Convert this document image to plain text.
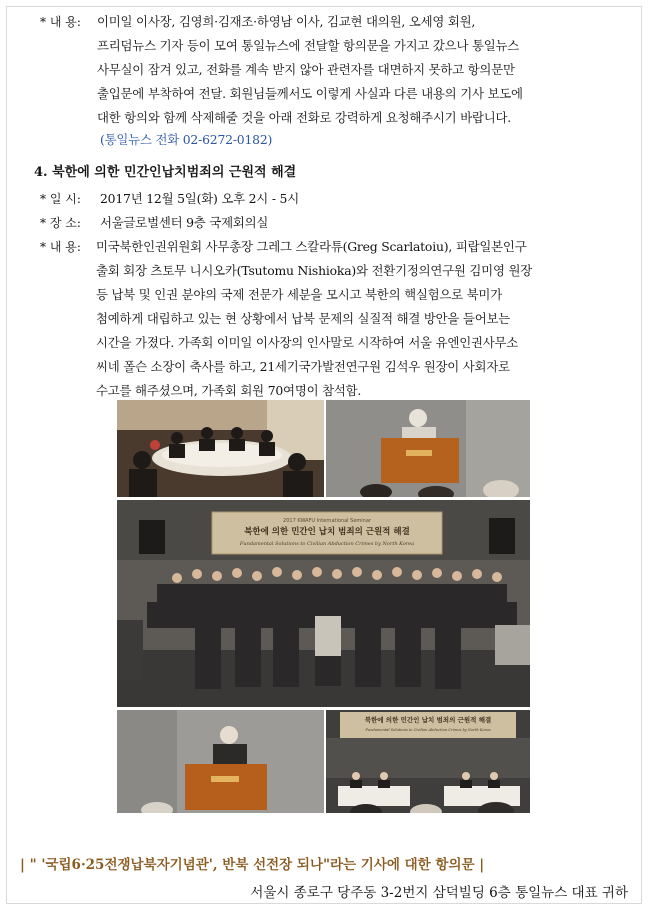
* 내 용: 이미일 이사장, 김영희·김재조·하영남 이사, 김교현 대의원, 오세영 회원,
프리덤뉴스 기자 등이 모여 통일뉴스에 전달할 항의문을 가지고 갔으나 통일뉴스
사무실이 잠겨 있고, 전화를 계속 받지 않아 관련자를 대면하지 못하고 항의문만
출입문에 부착하여 전달. 회원님들께서도 이렇게 사실과 다른 내용의 기사 보도에
대한 항의와 함께 삭제해줄 것을 아래 전화로 강력하게 요청해주시기 바랍니다.
(통일뉴스 전화 02-6272-0182)
4. 북한에 의한 민간인납치범죄의 근원적 해결
* 일 시: 2017년 12월 5일(화) 오후 2시 - 5시
* 장 소: 서울글로벌센터 9층 국제회의실
* 내 용: 미국북한인권위원회 사무총장 그레그 스칼라튜(Greg Scarlatoiu), 피랍일본인구
출회 회장 츠토무 니시오카(Tsutomu Nishioka)와 전환기정의연구원 김미영 원장
등 납북 및 인권 분야의 국제 전문가 세분을 모시고 북한의 핵실험으로 북미가
첨예하게 대립하고 있는 현 상황에서 납북 문제의 실질적 해결 방안을 들어보는
시간을 가졌다. 가족회 이미일 이사장의 인사말로 시작하여 서울 유엔인권사무소
씨네 폴슨 소장이 축사를 하고, 21세기국가발전연구원 김석우 원장이 사회자로
수고를 해주셨으며, 가족회 회원 70여명이 참석함.
2017 KWAFU International Seminar
북한에 의한 민간인 납치 범죄의 근원적 해결
Fundamental Solutions to Civilian Abduction Crimes by North Korea
북한에 의한 민간인 납치 범죄의 근원적 해결
Fundamental Solutions to Civilian Abduction Crimes by North Korea
| " '국립6·25전쟁납북자기념관', 반북 선전장 되나"라는 기사에 대한 항의문 |
서울시 종로구 당주동 3-2번지 삼덕빌딩 6층 통일뉴스 대표 귀하
